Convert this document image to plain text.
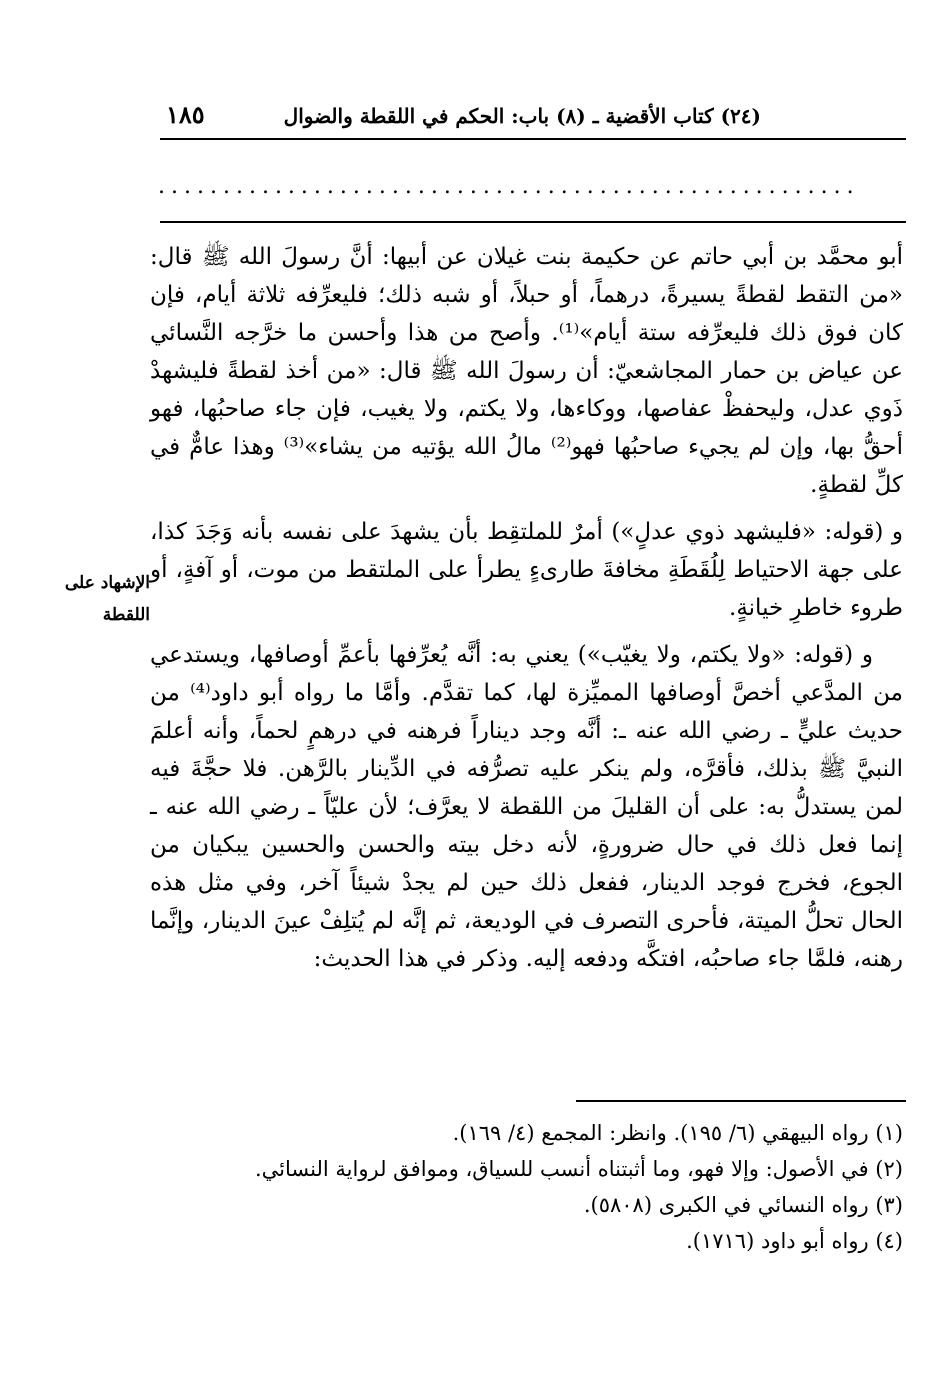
(٢٤) كتاب الأقضية ـ (٨) باب: الحكم في اللقطة والضوال
١٨٥
......................................................

أبو محمَّد بن أبي حاتم عن حكيمة بنت غيلان عن أبيها: أنَّ رسولَ الله ﷺ قال: «من التقط لقطةً يسيرةً، درهماً، أو حبلاً، أو شبه ذلك؛ فليعرِّفه ثلاثة أيام، فإن كان فوق ذلك فليعرِّفه ستة أيام»⁽¹⁾. وأصح من هذا وأحسن ما خرَّجه النَّسائي عن عياض بن حمار المجاشعيّ: أن رسولَ الله ﷺ قال: «من أخذ لقطةً فليشهدْ ذَوي عدل، وليحفظْ عفاصها، ووكاءها، ولا يكتم، ولا يغيب، فإن جاء صاحبُها، فهو أحقُّ بها، وإن لم يجيء صاحبُها فهو⁽²⁾ مالُ الله يؤتيه من يشاء»⁽³⁾ وهذا عامٌّ في كلِّ لقطةٍ.

و (قوله: «فليشهد ذوي عدلٍ») أمرٌ للملتقِط بأن يشهدَ على نفسه بأنه وَجَدَ كذا، على جهة الاحتياط لِلُقَطَةِ مخافةَ طارىءٍ يطرأ على الملتقط من موت، أو آفةٍ، أو طروء خاطرِ خيانةٍ.

و (قوله: «ولا يكتم، ولا يغيّب») يعني به: أنَّه يُعرِّفها بأعمِّ أوصافها، ويستدعي من المدَّعي أخصَّ أوصافها المميِّزة لها، كما تقدَّم. وأمَّا ما رواه أبو داود⁽⁴⁾ من حديث عليٍّ ـ رضي الله عنه ـ: أنَّه وجد ديناراً فرهنه في درهمٍ لحماً، وأنه أعلمَ النبيَّ ﷺ بذلك، فأقرَّه، ولم ينكر عليه تصرُّفه في الدِّينار بالرَّهن. فلا حجَّةَ فيه لمن يستدلُّ به: على أن القليلَ من اللقطة لا يعرَّف؛ لأن عليّاً ـ رضي الله عنه ـ إنما فعل ذلك في حال ضرورةٍ، لأنه دخل بيته والحسن والحسين يبكيان من الجوع، فخرج فوجد الدينار، ففعل ذلك حين لم يجدْ شيئاً آخر، وفي مثل هذه الحال تحلُّ الميتة، فأحرى التصرف في الوديعة، ثم إنَّه لم يُتلِفْ عينَ الدينار، وإنَّما رهنه، فلمَّا جاء صاحبُه، افتكَّه ودفعه إليه. وذكر في هذا الحديث:

الإشهاد على
اللقطة
(١) رواه البيهقي (٦/ ١٩٥). وانظر: المجمع (٤/ ١٦٩).
(٢) في الأصول: وإلا فهو، وما أثبتناه أنسب للسياق، وموافق لرواية النسائي.
(٣) رواه النسائي في الكبرى (٥٨٠٨).
(٤) رواه أبو داود (١٧١٦).
